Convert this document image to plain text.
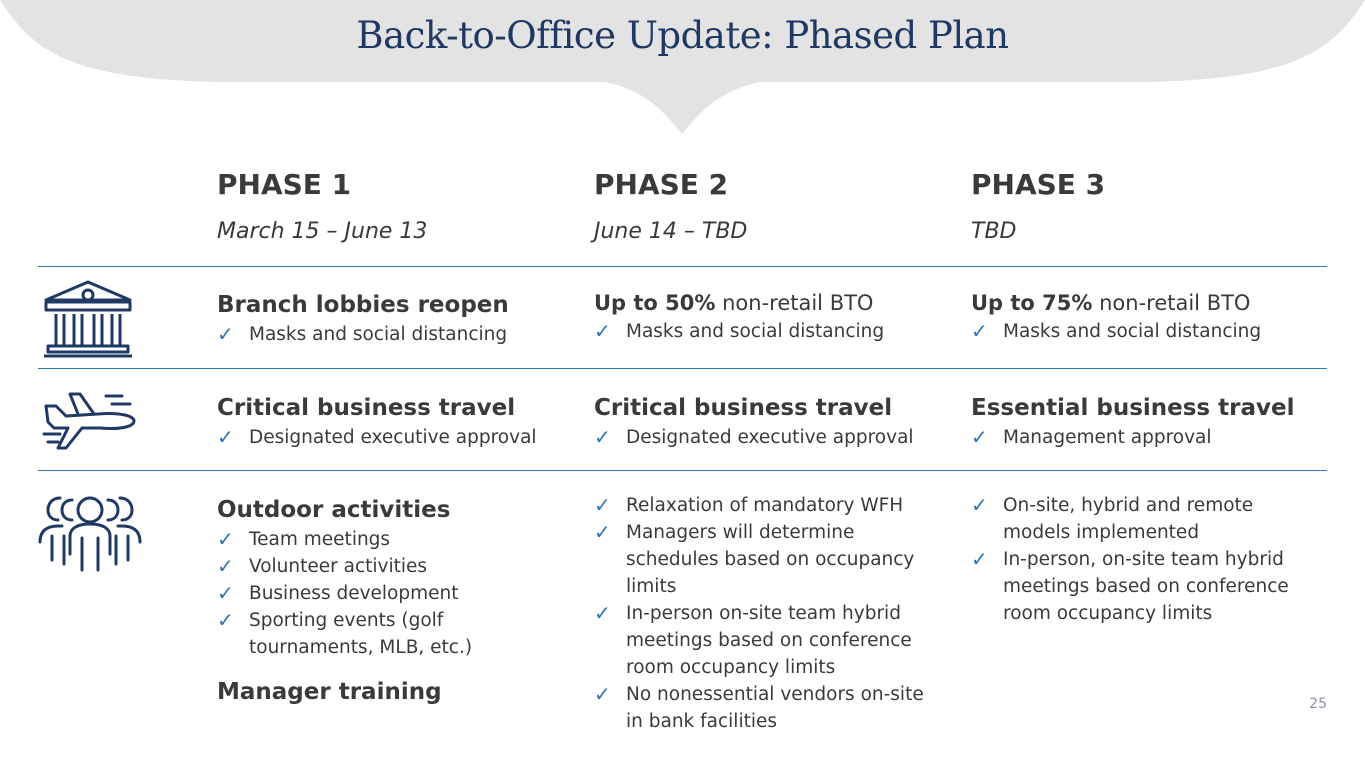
Back-to-Office Update: Phased Plan
PHASE 1
March 15 – June 13
PHASE 2
June 14 – TBD
PHASE 3
TBD
Branch lobbies reopen
✓ Masks and social distancing
Up to 50% non-retail BTO
✓ Masks and social distancing
Up to 75% non-retail BTO
✓ Masks and social distancing
Critical business travel
✓ Designated executive approval
Critical business travel
✓ Designated executive approval
Essential business travel
✓ Management approval
Outdoor activities
✓ Team meetings
✓ Volunteer activities
✓ Business development
✓ Sporting events (golf tournaments, MLB, etc.)
Manager training
✓ Relaxation of mandatory WFH
✓ Managers will determine schedules based on occupancy limits
✓ In-person on-site team hybrid meetings based on conference room occupancy limits
✓ No nonessential vendors on-site in bank facilities
✓ On-site, hybrid and remote models implemented
✓ In-person, on-site team hybrid meetings based on conference room occupancy limits
25
